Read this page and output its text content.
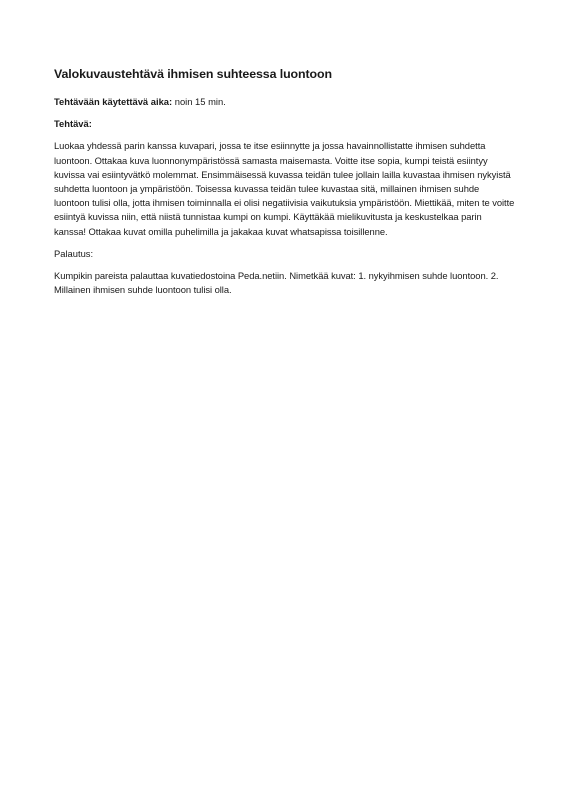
Valokuvaustehtävä ihmisen suhteessa luontoon
Tehtävään käytettävä aika: noin 15 min.
Tehtävä:
Luokaa yhdessä parin kanssa kuvapari, jossa te itse esiinnytte ja jossa havainnollistatte ihmisen suhdetta luontoon. Ottakaa kuva luonnonympäristössä samasta maisemasta. Voitte itse sopia, kumpi teistä esiintyy kuvissa vai esiintyvätkö molemmat. Ensimmäisessä kuvassa teidän tulee jollain lailla kuvastaa ihmisen nykyistä suhdetta luontoon ja ympäristöön. Toisessa kuvassa teidän tulee kuvastaa sitä, millainen ihmisen suhde luontoon tulisi olla, jotta ihmisen toiminnalla ei olisi negatiivisia vaikutuksia ympäristöön. Miettikää, miten te voitte esiintyä kuvissa niin, että niistä tunnistaa kumpi on kumpi. Käyttäkää mielikuvitusta ja keskustelkaa parin kanssa! Ottakaa kuvat omilla puhelimilla ja jakakaa kuvat whatsapissa toisillenne.
Palautus:
Kumpikin pareista palauttaa kuvatiedostoina Peda.netiin. Nimetkää kuvat: 1. nykyihmisen suhde luontoon. 2. Millainen ihmisen suhde luontoon tulisi olla.
